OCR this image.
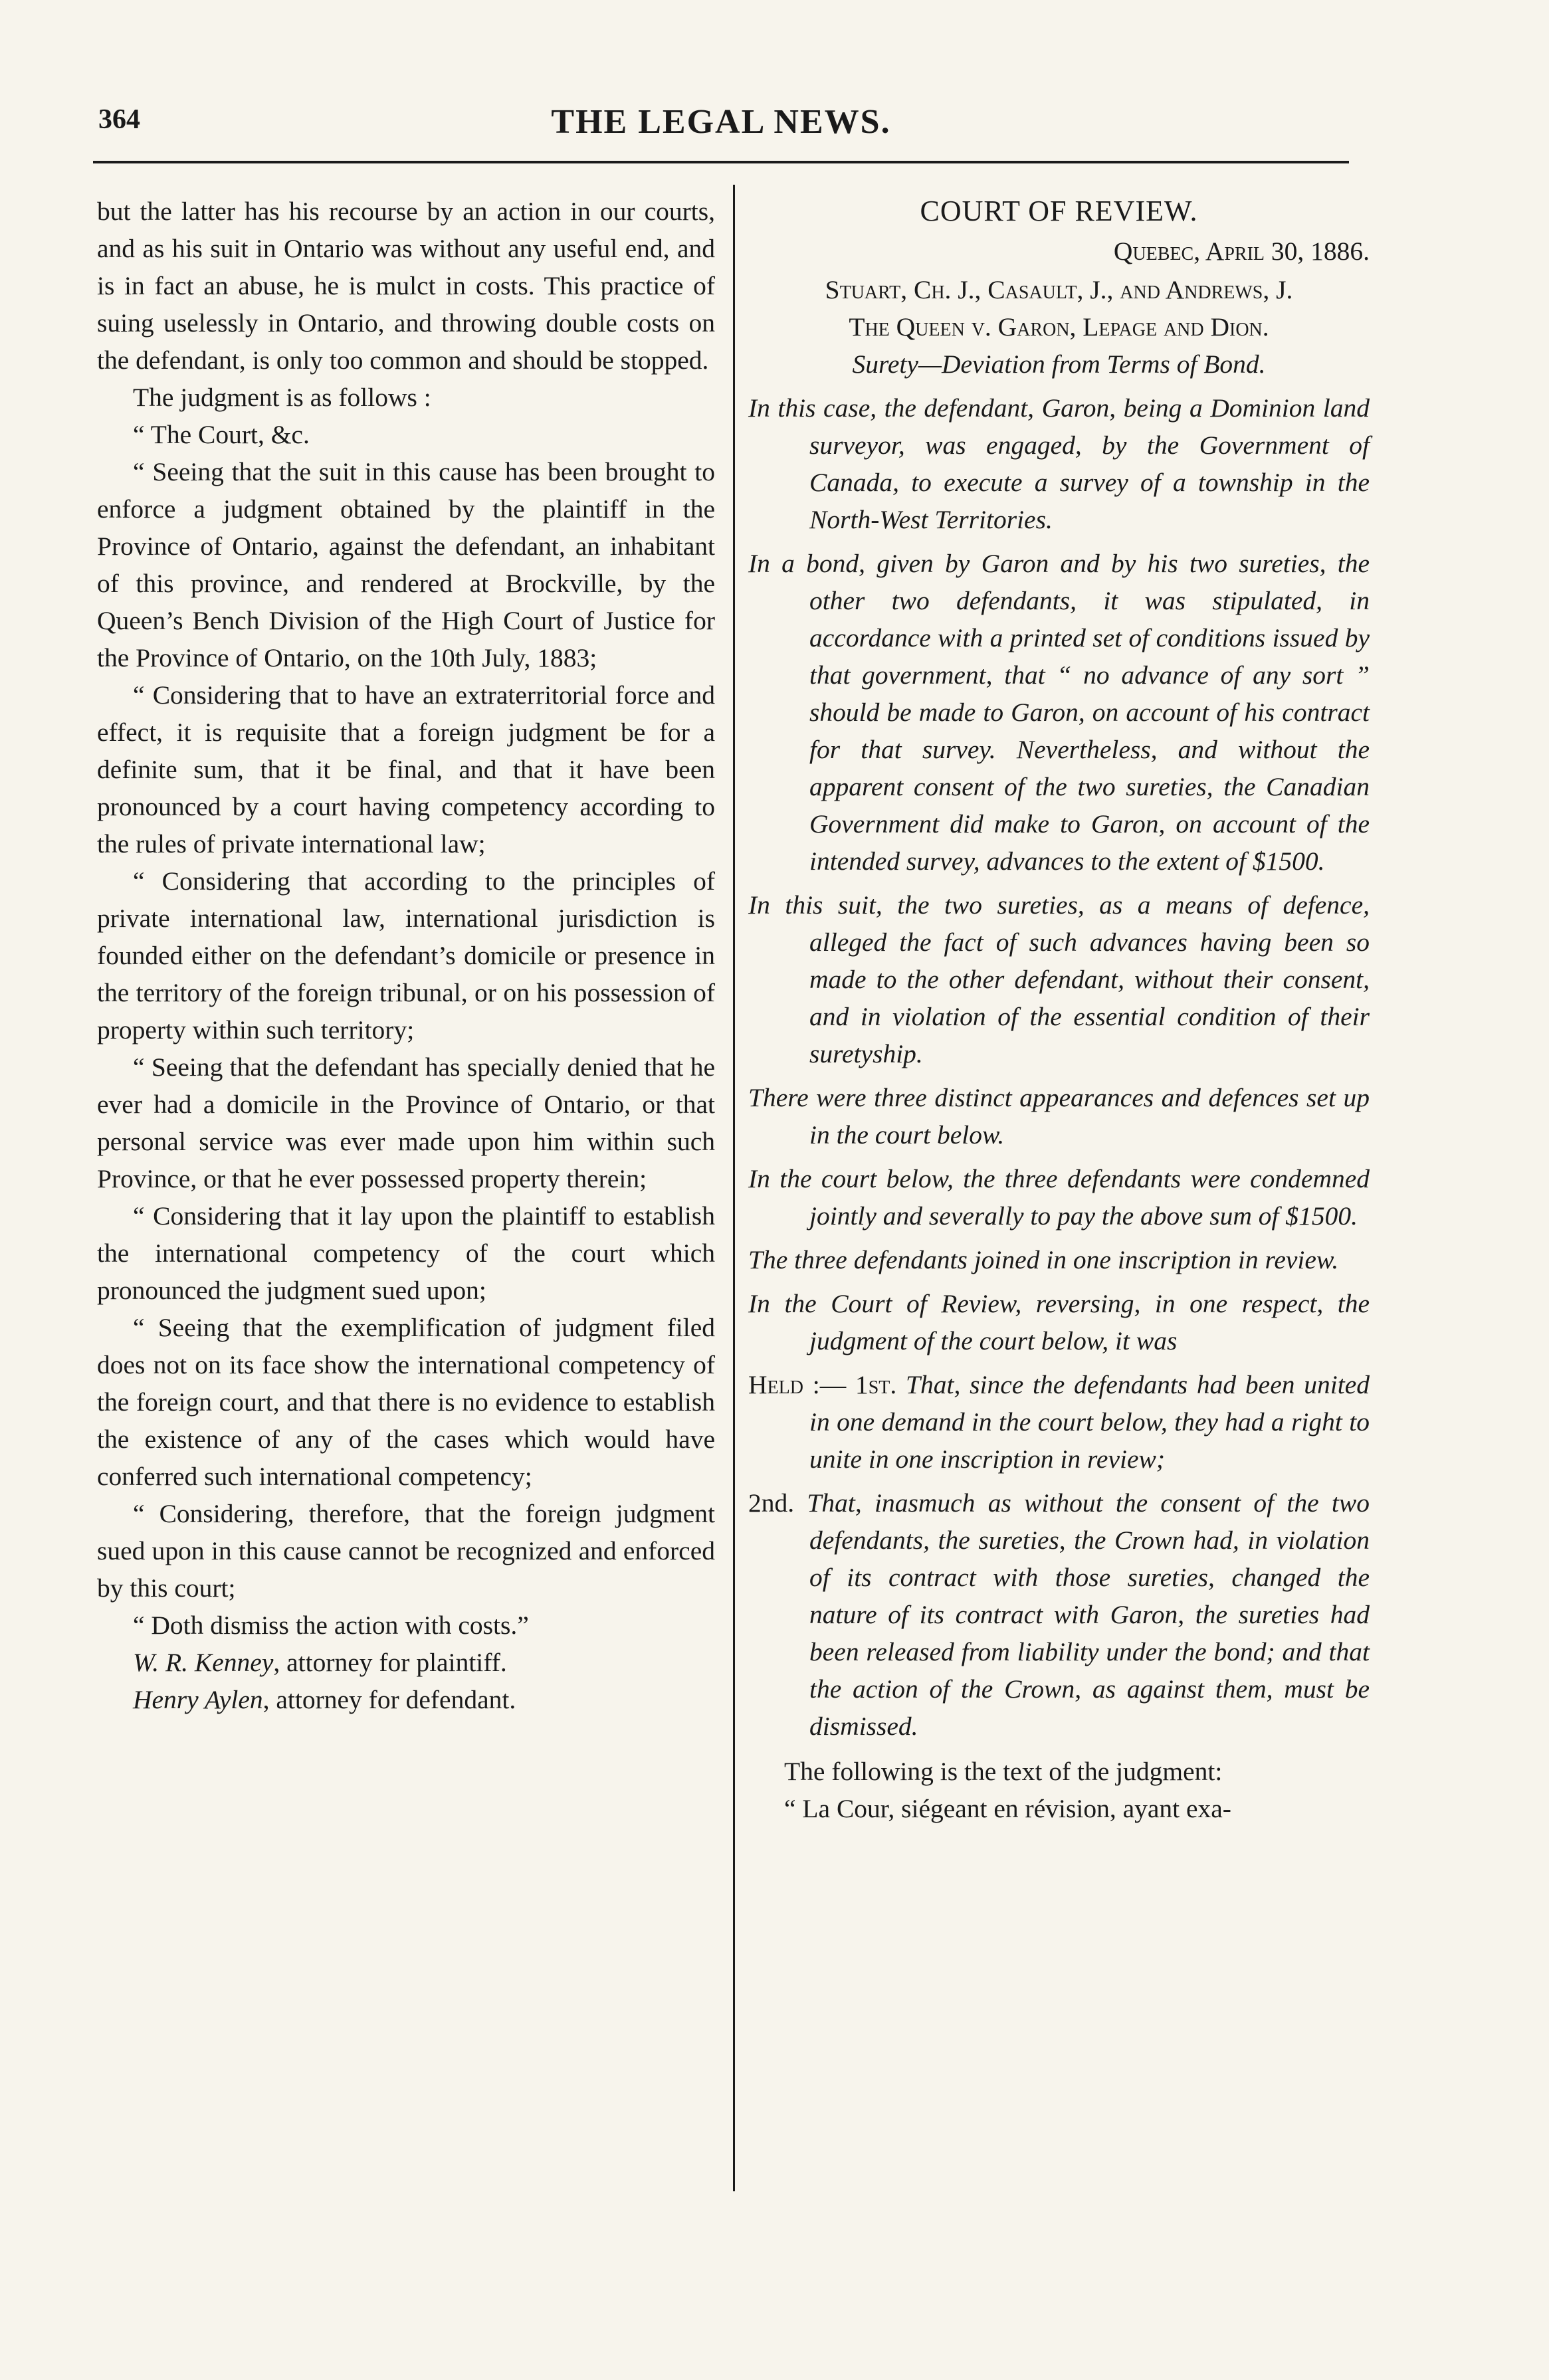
364	THE LEGAL NEWS.

but the latter has his recourse by an action in our courts, and as his suit in Ontario was without any useful end, and is in fact an abuse, he is mulct in costs. This practice of suing uselessly in Ontario, and throwing double costs on the defendant, is only too common and should be stopped.

The judgment is as follows :

“ The Court, &c.

“ Seeing that the suit in this cause has been brought to enforce a judgment obtained by the plaintiff in the Province of Ontario, against the defendant, an inhabitant of this province, and rendered at Brockville, by the Queen’s Bench Division of the High Court of Justice for the Province of Ontario, on the 10th July, 1883;

“ Considering that to have an extraterritorial force and effect, it is requisite that a foreign judgment be for a definite sum, that it be final, and that it have been pronounced by a court having competency according to the rules of private international law;

“ Considering that according to the principles of private international law, international jurisdiction is founded either on the defendant’s domicile or presence in the territory of the foreign tribunal, or on his possession of property within such territory;

“ Seeing that the defendant has specially denied that he ever had a domicile in the Province of Ontario, or that personal service was ever made upon him within such Province, or that he ever possessed property therein;

“ Considering that it lay upon the plaintiff to establish the international competency of the court which pronounced the judgment sued upon;

“ Seeing that the exemplification of judgment filed does not on its face show the international competency of the foreign court, and that there is no evidence to establish the existence of any of the cases which would have conferred such international competency;

“ Considering, therefore, that the foreign judgment sued upon in this cause cannot be recognized and enforced by this court;

“ Doth dismiss the action with costs.”

W. R. Kenney, attorney for plaintiff.

Henry Aylen, attorney for defendant.

COURT OF REVIEW.

Quebec, April 30, 1886.

Stuart, Ch. J., Casault, J., and Andrews, J.

The Queen v. Garon, Lepage and Dion.

Surety—Deviation from Terms of Bond.

In this case, the defendant, Garon, being a Dominion land surveyor, was engaged, by the Government of Canada, to execute a survey of a township in the North-West Territories.

In a bond, given by Garon and by his two sureties, the other two defendants, it was stipulated, in accordance with a printed set of conditions issued by that government, that “ no advance of any sort ” should be made to Garon, on account of his contract for that survey. Nevertheless, and without the apparent consent of the two sureties, the Canadian Government did make to Garon, on account of the intended survey, advances to the extent of $1500.

In this suit, the two sureties, as a means of defence, alleged the fact of such advances having been so made to the other defendant, without their consent, and in violation of the essential condition of their suretyship.

There were three distinct appearances and defences set up in the court below.

In the court below, the three defendants were condemned jointly and severally to pay the above sum of $1500.

The three defendants joined in one inscription in review.

In the Court of Review, reversing, in one respect, the judgment of the court below, it was

Held :— 1st. That, since the defendants had been united in one demand in the court below, they had a right to unite in one inscription in review;

2nd. That, inasmuch as without the consent of the two defendants, the sureties, the Crown had, in violation of its contract with those sureties, changed the nature of its contract with Garon, the sureties had been released from liability under the bond; and that the action of the Crown, as against them, must be dismissed.

The following is the text of the judgment:

“ La Cour, siégeant en révision, ayant exa-
